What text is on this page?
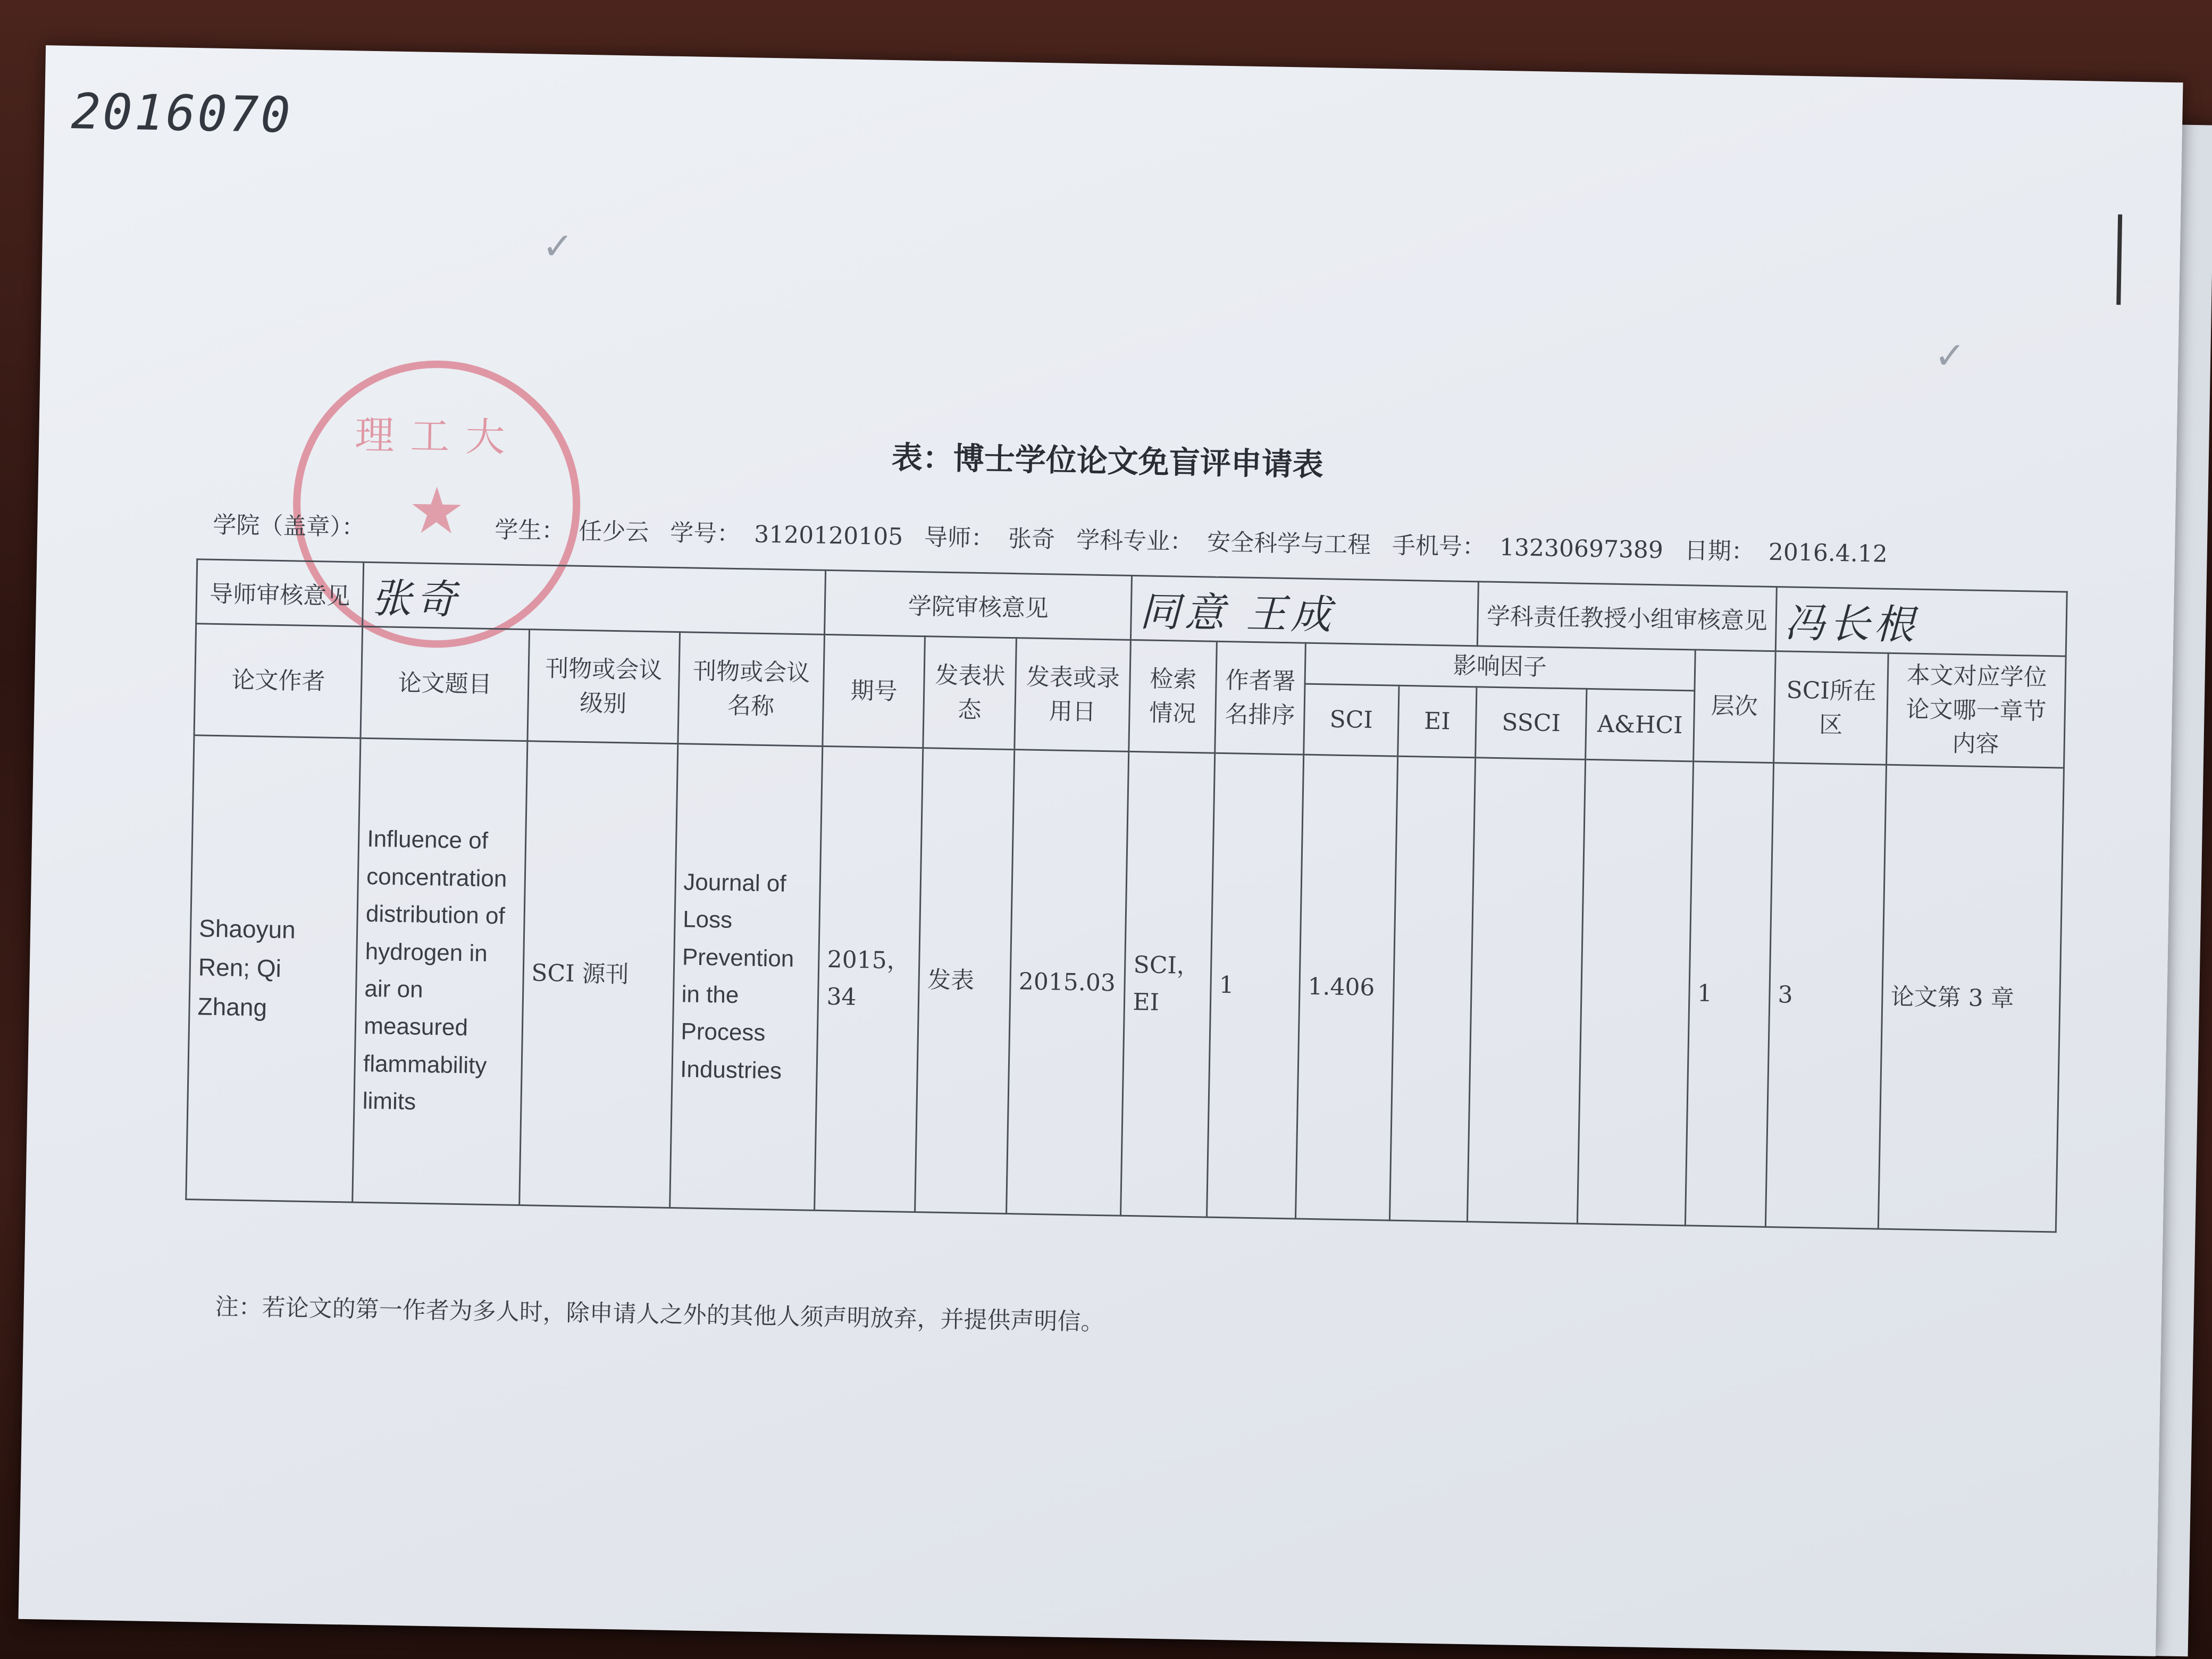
2016070
✓
✓
理工大
★
表：博士学位论文免盲评申请表
学院（盖章）：	学生： 任少云 学号： 3120120105 导师： 张奇 学科专业： 安全科学与工程 手机号： 13230697389 日期： 2016.4.12
导师审核意见	张奇			学院审核意见			同意 王成				学科责任教授小组审核意见			冯长根	
论文作者	论文题目	刊物或会议级别	刊物或会议名称	期号	发表状态	发表或录用日	检索情况	作者署名排序	影响因子				层次	SCI所在区	本文对应学位论文哪一章节内容
									SCI	EI	SSCI	A&HCI			
Shaoyun Ren; Qi Zhang	Influence of concentration distribution of hydrogen in air on measured flammability limits	SCI 源刊	Journal of Loss Prevention in the Process Industries	2015，34	发表	2015.03	SCI，EI	1	1.406				1	3	论文第 3 章
注：若论文的第一作者为多人时，除申请人之外的其他人须声明放弃，并提供声明信。
